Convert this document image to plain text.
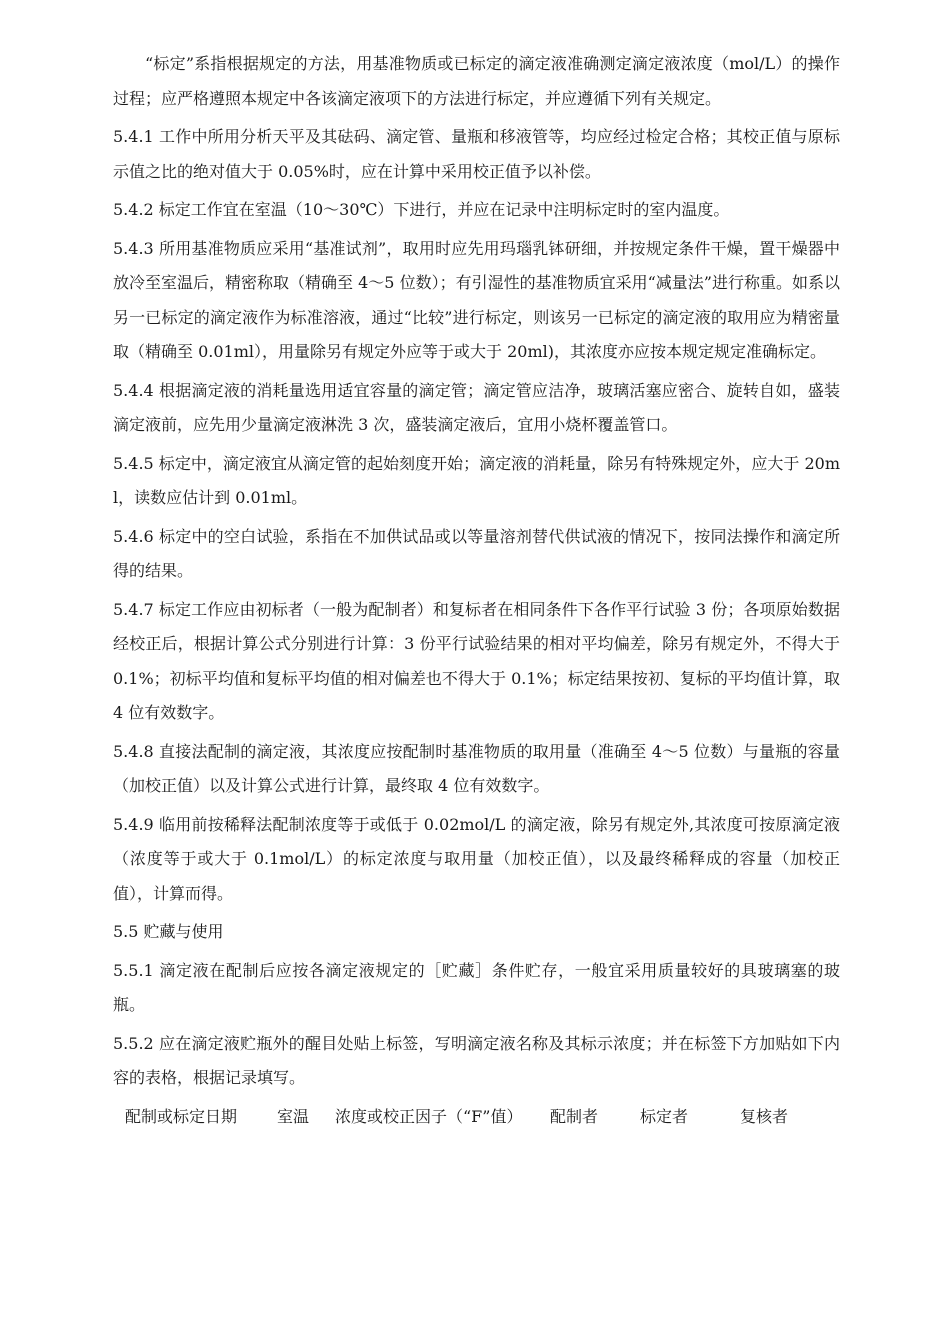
“标定”系指根据规定的方法，用基准物质或已标定的滴定液准确测定滴定液浓度（mol/L）的操作过程；应严格遵照本规定中各该滴定液项下的方法进行标定，并应遵循下列有关规定。

5.4.1 工作中所用分析天平及其砝码、滴定管、量瓶和移液管等，均应经过检定合格；其校正值与原标示值之比的绝对值大于 0.05%时，应在计算中采用校正值予以补偿。

5.4.2 标定工作宜在室温（10～30℃）下进行，并应在记录中注明标定时的室内温度。

5.4.3 所用基准物质应采用“基准试剂”，取用时应先用玛瑙乳钵研细，并按规定条件干燥，置干燥器中放冷至室温后，精密称取（精确至 4～5 位数）；有引湿性的基准物质宜采用“减量法”进行称重。如系以另一已标定的滴定液作为标准溶液，通过“比较”进行标定，则该另一已标定的滴定液的取用应为精密量取（精确至 0.01ml），用量除另有规定外应等于或大于 20ml)，其浓度亦应按本规定规定准确标定。

5.4.4 根据滴定液的消耗量选用适宜容量的滴定管；滴定管应洁净，玻璃活塞应密合、旋转自如，盛装滴定液前，应先用少量滴定液淋洗 3 次，盛装滴定液后，宜用小烧杯覆盖管口。

5.4.5 标定中，滴定液宜从滴定管的起始刻度开始；滴定液的消耗量，除另有特殊规定外，应大于 20ml，读数应估计到 0.01ml。

5.4.6 标定中的空白试验，系指在不加供试品或以等量溶剂替代供试液的情况下，按同法操作和滴定所得的结果。

5.4.7 标定工作应由初标者（一般为配制者）和复标者在相同条件下各作平行试验 3 份；各项原始数据经校正后，根据计算公式分别进行计算：3 份平行试验结果的相对平均偏差，除另有规定外，不得大于 0.1%；初标平均值和复标平均值的相对偏差也不得大于 0.1%；标定结果按初、复标的平均值计算，取 4 位有效数字。

5.4.8 直接法配制的滴定液，其浓度应按配制时基准物质的取用量（准确至 4～5 位数）与量瓶的容量（加校正值）以及计算公式进行计算，最终取 4 位有效数字。

5.4.9 临用前按稀释法配制浓度等于或低于 0.02mol/L 的滴定液，除另有规定外,其浓度可按原滴定液（浓度等于或大于 0.1mol/L）的标定浓度与取用量（加校正值），以及最终稀释成的容量（加校正值），计算而得。

5.5 贮藏与使用

5.5.1 滴定液在配制后应按各滴定液规定的［贮藏］条件贮存，一般宜采用质量较好的具玻璃塞的玻瓶。

5.5.2 应在滴定液贮瓶外的醒目处贴上标签，写明滴定液名称及其标示浓度；并在标签下方加贴如下内容的表格，根据记录填写。

配制或标定日期	室温	浓度或校正因子（“F”值）	配制者	标定者	复核者
